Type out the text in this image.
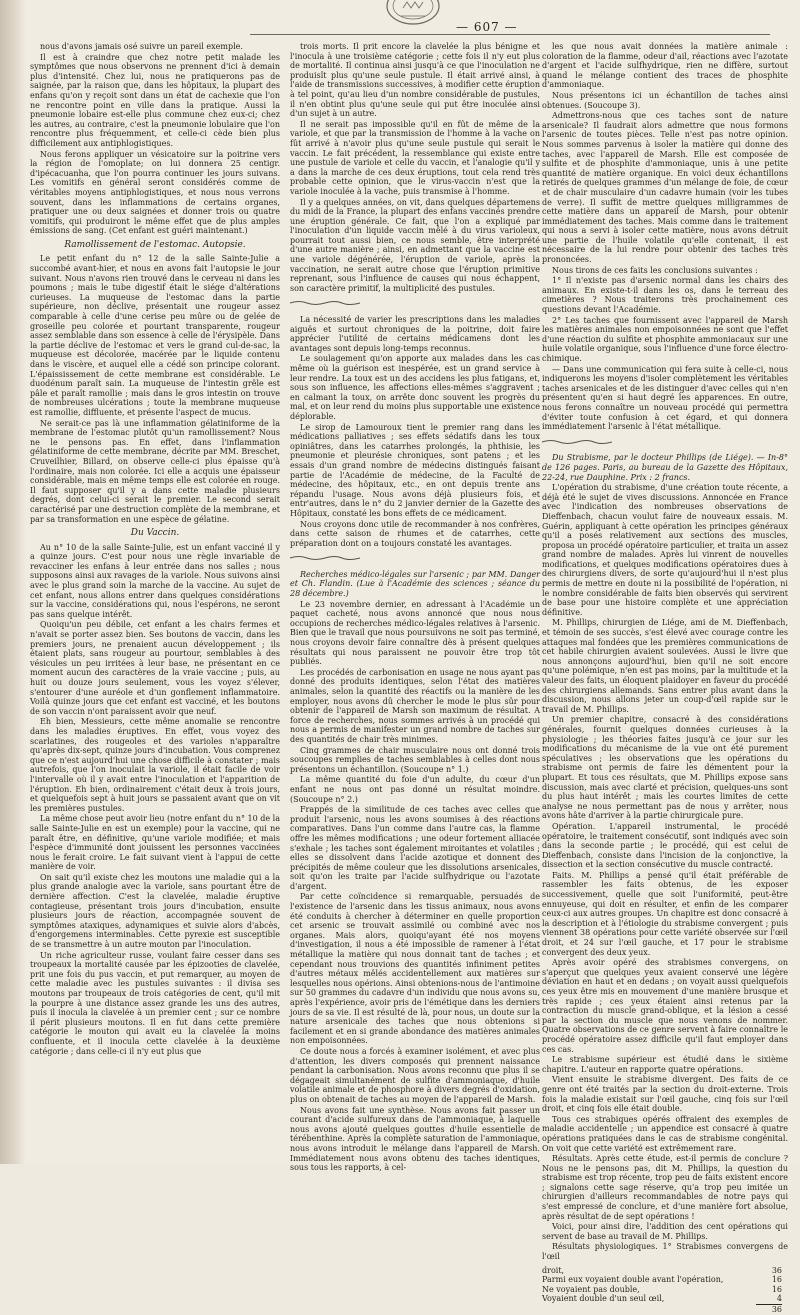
— 607 —

nous d'avons jamais osé suivre un pareil exemple.

Il est à craindre que chez notre petit malade les symptômes que nous observons ne prennent d'ici à demain plus d'intensité. Chez lui, nous ne pratiquerons pas de saignée, par la raison que, dans les hôpitaux, la plupart des enfans qu'on y reçoit sont dans un état de cachexie que l'on ne rencontre point en ville dans la pratique. Aussi la pneumonie lobaire est-elle plus commune chez eux-ci; chez les autres, au contraire, c'est la pneumonie lobulaire que l'on rencontre plus fréquemment, et celle-ci cède bien plus difficilement aux antiphlogistiques.

Nous ferons appliquer un vésicatoire sur la poitrine vers la région de l'omoplate; on lui donnera 25 centigr. d'ipécacuanha, que l'on pourra continuer les jours suivans. Les vomitifs en général seront considérés comme de véritables moyens antiphlogistiques, et nous nous verrons souvent, dans les inflammations de certains organes, pratiquer une ou deux saignées et donner trois ou quatre vomitifs, qui produiront le même effet que de plus amples émissions de sang. (Cet enfant est guéri maintenant.)

Ramollissement de l'estomac. Autopsie.

Le petit enfant du n° 12 de la salle Sainte-Julie a succombé avant-hier, et nous en avons fait l'autopsie le jour suivant. Nous n'avons rien trouvé dans le cerveau ni dans les poumons ; mais le tube digestif était le siége d'altérations curieuses. La muqueuse de l'estomac dans la partie supérieure, non déclive, présentait une rougeur assez comparable à celle d'une cerise peu mûre ou de gelée de groseille peu colorée et pourtant transparente, rougeur assez semblable dans son essence à celle de l'érysipèle. Dans la partie déclive de l'estomac et vers le grand cul-de-sac, la muqueuse est décolorée, macérée par le liquide contenu dans le viscère, et auquel elle a cédé son principe colorant. L'épaississement de cette membrane est considérable. Le duodénum paraît sain. La muqueuse de l'intestin grêle est pâle et paraît ramollie ; mais dans le gros intestin on trouve de nombreuses ulcérations ; toute la membrane muqueuse est ramollie, diffluente, et présente l'aspect de mucus.

Ne serait-ce pas là une inflammation gélatiniforme de la membrane de l'estomac plutôt qu'un ramollissement? Nous ne le pensons pas. En effet, dans l'inflammation gélatiniforme de cette membrane, décrite par MM. Breschet, Cruveilhier, Billard, on observe celle-ci plus épaisse qu'à l'ordinaire, mais non colorée. Ici elle a acquis une épaisseur considérable, mais en même temps elle est colorée en rouge. Il faut supposer qu'il y a dans cette maladie plusieurs degrés, dont celui-ci serait le premier. Le second serait caractérisé par une destruction complète de la membrane, et par sa transformation en une espèce de gélatine.

Du Vaccin.

Au n° 10 de la salle Sainte-Julie, est un enfant vacciné il y a quinze jours. C'est pour nous une règle invariable de revacciner les enfans à leur entrée dans nos salles ; nous supposons ainsi aux ravages de la variole. Nous suivons ainsi avec le plus grand soin la marche de la vaccine. Au sujet de cet enfant, nous allons entrer dans quelques considérations sur la vaccine, considérations qui, nous l'espérons, ne seront pas sans quelque intérêt.

Quoiqu'un peu débile, cet enfant a les chairs fermes et n'avait se porter assez bien. Ses boutons de vaccin, dans les premiers jours, ne prenaient aucun développement ; ils étaient plats, sans rougeur au pourtour, semblables à des vésicules un peu irritées à leur base, ne présentant en ce moment aucun des caractères de la vraie vaccine ; puis, au huit ou douze jours seulement, vous les voyez s'élever, s'entourer d'une auréole et d'un gonflement inflammatoire. Voilà quinze jours que cet enfant est vacciné, et les boutons de son vaccin n'ont paraissent avoir que neuf.

Eh bien, Messieurs, cette même anomalie se rencontre dans les maladies éruptives. En effet, vous voyez des scarlatines, des rougeoles et des varioles n'apparaître qu'après dix-sept, quinze jours d'incubation. Vous comprenez que ce n'est aujourd'hui une chose difficile à constater ; mais autrefois, que l'on inoculait la variole, il était facile de voir l'intervalle où il y avait entre l'inoculation et l'apparition de l'éruption. Eh bien, ordinairement c'était deux à trois jours, et quelquefois sept à huit jours se passaient avant que on vit les premières pustules.

La même chose peut avoir lieu (notre enfant du n° 10 de la salle Sainte-Julie en est un exemple) pour la vaccine, qui ne paraît être, en définitive, qu'une variole modifiée; et mais l'espèce d'immunité dont jouissent les personnes vaccinées nous le ferait croire. Le fait suivant vient à l'appui de cette manière de voir.

On sait qu'il existe chez les moutons une maladie qui a la plus grande analogie avec la variole, sans pourtant être de dernière affection. C'est la clavelée, maladie éruptive contagieuse, présentant trois jours d'incubation, ensuite plusieurs jours de réaction, accompagnée souvent de symptômes ataxiques, adynamiques et suivie alors d'abcès, d'engorgemens interminables. Cette pyrexie est susceptible de se transmettre à un autre mouton par l'inoculation.

Un riche agriculteur russe, voulant faire cesser dans ses troupeaux la mortalité causée par les épizooties de clavelée, prit une fois du pus vaccin, et put remarquer, au moyen de cette maladie avec les pustules suivantes : il divisa ses moutons par troupeaux de trois catégories de cent, qu'il mit la pourpre à une distance assez grande les uns des autres, puis il inocula la clavelée à un premier cent ; sur ce nombre il périt plusieurs moutons. Il en fut dans cette première catégorie le mouton qui avait eu la clavelée la moins confluente, et il inocula cette clavelée à la deuxième catégorie ; dans celle-ci il n'y eut plus que

trois morts. Il prit encore la clavelée la plus bénigne et l'inocula à une troisième catégorie ; cette fois il n'y eut plus de mortalité. Il continua ainsi jusqu'à ce que l'inoculation ne produisît plus qu'une seule pustule. Il était arrivé ainsi, à l'aide de transmissions successives, à modifier cette éruption à tel point, qu'au lieu d'un nombre considérable de pustules, il n'en obtint plus qu'une seule qui put être inoculée ainsi d'un sujet à un autre.

Il ne serait pas impossible qu'il en fût de même de la variole, et que par la transmission de l'homme à la vache on fût arrivé à n'avoir plus qu'une seule pustule qui serait le vaccin. Le fait précédent, la ressemblance qui existe entre une pustule de variole et celle du vaccin, et l'analogie qu'il y a dans la marche de ces deux éruptions, tout cela rend très probable cette opinion, que le virus-vaccin n'est que la variole inoculée à la vache, puis transmise à l'homme.

Il y a quelques années, on vit, dans quelques départemens du midi de la France, la plupart des enfans vaccinés prendre une éruption générale. Ce fait, que l'on a expliqué par l'inoculation d'un liquide vaccin mêlé à du virus varioleux, pourrait tout aussi bien, ce nous semble, être interprété d'une autre manière ; ainsi, en admettant que la vaccine est une variole dégénérée, l'éruption de variole, après la vaccination, ne serait autre chose que l'éruption primitive reprenant, sous l'influence de causes qui nous échappent, son caractère primitif, la multiplicité des pustules.

La nécessité de varier les prescriptions dans les maladies aiguës et surtout chroniques de la poitrine, doit faire apprécier l'utilité de certains médicamens dont les avantages sont depuis long-temps reconnus.

Le soulagement qu'on apporte aux malades dans les cas même où la guérison est inespérée, est un grand service à leur rendre. La toux est un des accidens les plus fatigans, et, sous son influence, les affections elles-mêmes s'aggravent ; en calmant la toux, on arrête donc souvent les progrès du mal, et on leur rend du moins plus supportable une existence déplorable.

Le sirop de Lamouroux tient le premier rang dans les médications palliatives ; ses effets sédatifs dans les toux opiniâtres, dans les catarrhes prolongés, la phthisie, les pneumonie et pleurésie chroniques, sont patens ; et les essais d'un grand nombre de médecins distingués faisant partie de l'Académie de médecine, de la Faculté de médecine, des hôpitaux, etc., en ont depuis trente ans répandu l'usage. Nous avons déjà plusieurs fois, et entr'autres, dans le n° du 2 janvier dernier de la Gazette des Hôpitaux, constaté les bons effets de ce médicament.

Nous croyons donc utile de recommander à nos confrères, dans cette saison de rhumes et de catarrhes, cette préparation dont on a toujours constaté les avantages.

Recherches médico-légales sur l'arsenic ; par MM. Danger et Ch. Flandin. (Lue à l'Académie des sciences ; séance du 28 décembre.)

Le 23 novembre dernier, en adressant à l'Académie un paquet cacheté, nous avons annoncé que nous nous occupions de recherches médico-légales relatives à l'arsenic. Bien que le travail que nous poursuivons ne soit pas terminé, nous croyons devoir faire connaître dès à présent quelques résultats qui nous paraissent ne pouvoir être trop tôt publiés.

Les procédés de carbonisation en usage ne nous ayant pas donné des produits identiques, selon l'état des matières animales, selon la quantité des réactifs ou la manière de les employer, nous avons dû chercher le mode le plus sûr pour obtenir de l'appareil de Marsh son maximum de résultat. A force de recherches, nous sommes arrivés à un procédé qui nous a permis de manifester un grand nombre de taches sur des quantités de chair très minimes.

Cinq grammes de chair musculaire nous ont donné trois soucoupes remplies de taches semblables à celles dont nous présentons un échantillon. (Soucoupe n° 1.)

La même quantité du foie d'un adulte, du cœur d'un enfant ne nous ont pas donné un résultat moindre. (Soucoupe n° 2.)

Frappés de la similitude de ces taches avec celles que produit l'arsenic, nous les avons soumises à des réactions comparatives. Dans l'un comme dans l'autre cas, la flamme offre les mêmes modifications ; une odeur fortement alliacée s'exhale ; les taches sont également miroitantes et volatiles ; elles se dissolvent dans l'acide azotique et donnent des précipités de même couleur que les dissolutions arsenicales, soit qu'on les traite par l'acide sulfhydrique ou l'azotate d'argent.

Par cette coïncidence si remarquable, persuadés de l'existence de l'arsenic dans les tissus animaux, nous avons été conduits à chercher à déterminer en quelle proportion cet arsenic se trouvait assimilé ou combiné avec nos organes. Mais alors, quoiqu'ayant été nos moyens d'investigation, il nous a été impossible de ramener à l'état métallique la matière qui nous donnait tant de taches ; et cependant nous trouvions des quantités infiniment petites d'autres métaux mêlés accidentellement aux matières sur lesquelles nous opérions. Ainsi obtenions-nous de l'antimoine sur 50 grammes du cadavre d'un individu que nous avons su, après l'expérience, avoir pris de l'émétique dans les derniers jours de sa vie. Il est résulté de là, pour nous, un doute sur la nature arsenicale des taches que nous obtenions si facilement et en si grande abondance des matières animales non empoisonnées.

Ce doute nous a forcés à examiner isolément, et avec plus d'attention, les divers composés qui prennent naissance pendant la carbonisation. Nous avons reconnu que plus il se dégageait simultanément de sulfite d'ammoniaque, d'huile volatile animale et de phosphore à divers degrés d'oxidation, plus on obtenait de taches au moyen de l'appareil de Marsh.

Nous avons fait une synthèse. Nous avons fait passer un courant d'acide sulfureux dans de l'ammoniaque, à laquelle nous avons ajouté quelques gouttes d'huile essentielle de térébenthine. Après la complète saturation de l'ammoniaque, nous avons introduit le mélange dans l'appareil de Marsh. Immédiatement nous avons obtenu des taches identiques, sous tous les rapports, à cel-

les que nous avait données la matière animale : coloration de la flamme, odeur d'ail, réactions avec l'azotate d'argent et l'acide sulfhydrique, rien ne diffère, surtout quand le mélange contient des traces de phosphite d'ammoniaque.

Nous présentons ici un échantillon de taches ainsi obtenues. (Soucoupe 3).

Admettrons-nous que ces taches sont de nature arsenicale? Il faudrait alors admettre que nous formons l'arsenic de toutes pièces. Telle n'est pas notre opinion. Nous sommes parvenus à isoler la matière qui donne des taches, avec l'appareil de Marsh. Elle est composée de sulfite et de phosphite d'ammoniaque, unis à une petite quantité de matière organique. En voici deux échantillons retirés de quelques grammes d'un mélange de foie, de cœur et de chair musculaire d'un cadavre humain (voir les tubes de verre). Il suffit de mettre quelques milligrammes de cette matière dans un appareil de Marsh, pour obtenir immédiatement des taches. Mais comme dans le traitement qui nous a servi à isoler cette matière, nous avons détruit une partie de l'huile volatile qu'elle contenait, il est nécessaire de la lui rendre pour obtenir des taches très prononcées.

Nous tirons de ces faits les conclusions suivantes :

1° Il n'existe pas d'arsenic normal dans les chairs des animaux. En existe-t-il dans les os, dans le terreau des cimetières ? Nous traiterons très prochainement ces questions devant l'Académie.

2° Les taches que fournissent avec l'appareil de Marsh les matières animales non empoisonnées ne sont que l'effet d'une réaction du sulfite et phosphite ammoniacaux sur une huile volatile organique, sous l'influence d'une force électro-chimique.

— Dans une communication qui fera suite à celle-ci, nous indiquerons les moyens d'isoler complètement les véritables taches arsenicales et de les distinguer d'avec celles qui n'en présentent qu'en si haut degré les apparences. En outre, nous ferons connaître un nouveau procédé qui permettra d'éviter toute confusion à cet égard, et qui donnera immédiatement l'arsenic à l'état métallique.

Du Strabisme, par le docteur Phillips (de Liége). — In-8° de 126 pages. Paris, au bureau de la Gazette des Hôpitaux, 22-24, rue Dauphine. Prix : 2 francs.

L'opération du strabisme, d'une création toute récente, a déjà été le sujet de vives discussions. Annoncée en France avec l'indication des nombreuses observations de Dieffenbach, chacun voulut faire de nouveaux essais. M. Guérin, appliquant à cette opération les principes généraux qu'il a posés relativement aux sections des muscles, proposa un procédé opératoire particulier, et traita un assez grand nombre de malades. Après lui vinrent de nouvelles modifications, et quelques modifications opératoires dues à des chirurgiens divers, de sorte qu'aujourd'hui il n'est plus permis de mettre en doute ni la possibilité de l'opération, ni le nombre considérable de faits bien observés qui servirent de base pour une histoire complète et une appréciation définitive.

M. Phillips, chirurgien de Liége, ami de M. Dieffenbach, et témoin de ses succès, s'est élevé avec courage contre les attaques mal fondées que les premières communications de cet habile chirurgien avaient soulevées. Aussi le livre que nous annonçons aujourd'hui, bien qu'il ne soit encore qu'une polémique, n'en est pas moins, par la multitude et la valeur des faits, un éloquent plaidoyer en faveur du procédé des chirurgiens allemands. Sans entrer plus avant dans la discussion, nous allons jeter un coup-d'œil rapide sur le travail de M. Phillips.

Un premier chapitre, consacré à des considérations générales, fournit quelques données curieuses à la physiologie ; les théories faites jusqu'à ce jour sur les modifications du mécanisme de la vue ont été purement spéculatives ; les observations que les opérations du strabisme ont permis de faire les démentent pour la plupart. Et tous ces résultats, que M. Phillips expose sans discussion, mais avec clarté et précision, quelques-uns sont du plus haut intérêt ; mais les courtes limites de cette analyse ne nous permettant pas de nous y arrêter, nous avons hâte d'arriver à la partie chirurgicale pure.

Opération. L'appareil instrumental, le procédé opératoire, le traitement consécutif, sont indiqués avec soin dans la seconde partie ; le procédé, qui est celui de Dieffenbach, consiste dans l'incision de la conjonctive, la dissection et la section consécutive du muscle contracté.

Faits. M. Phillips a pensé qu'il était préférable de rassembler les faits obtenus, de les exposer successivement, quelle que soit l'uniformité, peut-être ennuyeuse, qui doit en résulter, et enfin de les comparer ceux-ci aux autres groupes. Un chapitre est donc consacré à la description et à l'étiologie du strabisme convergent ; puis viennent 38 opérations pour cette variété observée sur l'œil droit, et 24 sur l'œil gauche, et 17 pour le strabisme convergent des deux yeux.

Après avoir opéré des strabismes convergens, on s'aperçut que quelques yeux avaient conservé une légère déviation en haut et en dedans ; on voyait aussi quelquefois ces yeux être mis en mouvement d'une manière brusque et très rapide ; ces yeux étaient ainsi retenus par la contraction du muscle grand-oblique, et la lésion a cessé par la section du muscle que nous venons de nommer. Quatre observations de ce genre servent à faire connaître le procédé opératoire assez difficile qu'il faut employer dans ces cas.

Le strabisme supérieur est étudié dans le sixième chapitre. L'auteur en rapporte quatre opérations.

Vient ensuite le strabisme divergent. Des faits de ce genre ont été traités par la section du droit-externe. Trois fois la maladie existait sur l'œil gauche, cinq fois sur l'œil droit, et cinq fois elle était double.

Tous ces strabiques opérés offraient des exemples de maladie accidentelle ; un appendice est consacré à quatre opérations pratiquées dans le cas de strabisme congénital. On voit que cette variété est extrêmement rare.

Résultats. Après cette étude, est-il permis de conclure ? Nous ne le pensons pas, dit M. Phillips, la question du strabisme est trop récente, trop peu de faits existent encore ; signalons cette sage réserve, qu'a trop peu imitée un chirurgien d'ailleurs recommandables de notre pays qui s'est empressé de conclure, et d'une manière fort absolue, après résultat de de sept opérations !

Voici, pour ainsi dire, l'addition des cent opérations qui servent de base au travail de M. Phillips.

Résultats physiologiques. 1° Strabismes convergens de l'œil

droit,	36
Parmi eux voyaient double avant l'opération,	16
Ne voyaient pas double,	16
Voyaient double d'un seul œil,	4
36
